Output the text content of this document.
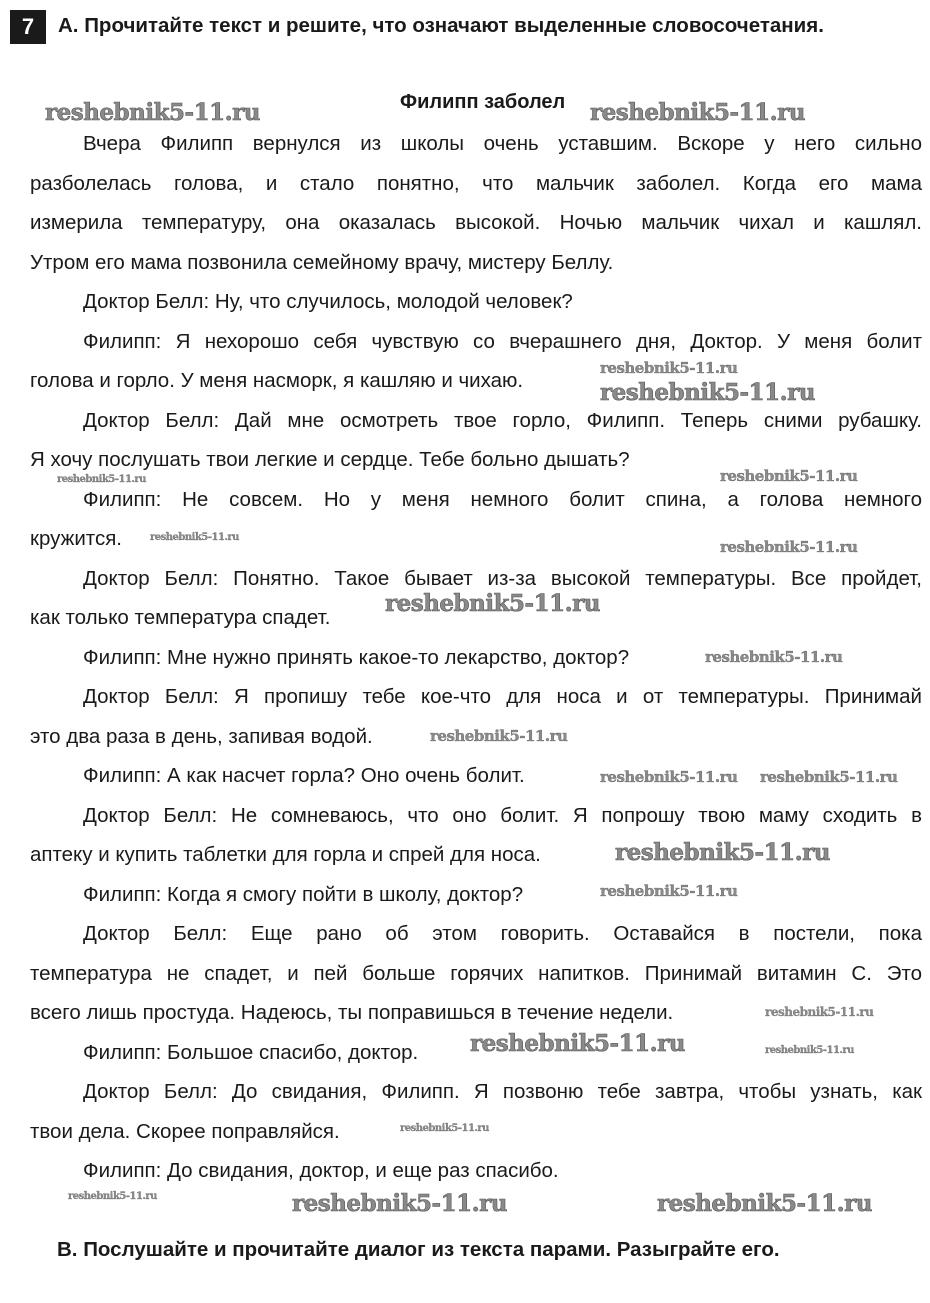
7	A. Прочитайте текст и решите, что означают выделенные словосочетания.
Филипп заболел
Вчера Филипп вернулся из школы очень уставшим. Вскоре у него сильно
разболелась голова, и стало понятно, что мальчик заболел. Когда его мама
измерила температуру, она оказалась высокой. Ночью мальчик чихал и кашлял.
Утром его мама позвонила семейному врачу, мистеру Беллу.
Доктор Белл: Ну, что случилось, молодой человек?
Филипп: Я нехорошо себя чувствую со вчерашнего дня, Доктор. У меня болит
голова и горло. У меня насморк, я кашляю и чихаю.
Доктор Белл: Дай мне осмотреть твое горло, Филипп. Теперь сними рубашку.
Я хочу послушать твои легкие и сердце. Тебе больно дышать?
Филипп: Не совсем. Но у меня немного болит спина, а голова немного
кружится.
Доктор Белл: Понятно. Такое бывает из-за высокой температуры. Все пройдет,
как только температура спадет.
Филипп: Мне нужно принять какое-то лекарство, доктор?
Доктор Белл: Я пропишу тебе кое-что для носа и от температуры. Принимай
это два раза в день, запивая водой.
Филипп: А как насчет горла? Оно очень болит.
Доктор Белл: Не сомневаюсь, что оно болит. Я попрошу твою маму сходить в
аптеку и купить таблетки для горла и спрей для носа.
Филипп: Когда я смогу пойти в школу, доктор?
Доктор Белл: Еще рано об этом говорить. Оставайся в постели, пока
температура не спадет, и пей больше горячих напитков. Принимай витамин С. Это
всего лишь простуда. Надеюсь, ты поправишься в течение недели.
Филипп: Большое спасибо, доктор.
Доктор Белл: До свидания, Филипп. Я позвоню тебе завтра, чтобы узнать, как
твои дела. Скорее поправляйся.
Филипп: До свидания, доктор, и еще раз спасибо.
B. Послушайте и прочитайте диалог из текста парами. Разыграйте его.
reshebnik5-11.ru	reshebnik5-11.ru
reshebnik5-11.ru
reshebnik5-11.ru
reshebnik5-11.ru
reshebnik5-11.ru
reshebnik5-11.ru	reshebnik5-11.ru
reshebnik5-11.ru
reshebnik5-11.ru
reshebnik5-11.ru
reshebnik5-11.ru
reshebnik5-11.ru
reshebnik5-11.ru reshebnik5-11.ru
reshebnik5-11.ru
reshebnik5-11.ru
reshebnik5-11.ru
reshebnik5-11.ru
reshebnik5-11.ru
reshebnik5-11.ru
reshebnik5-11.ru
